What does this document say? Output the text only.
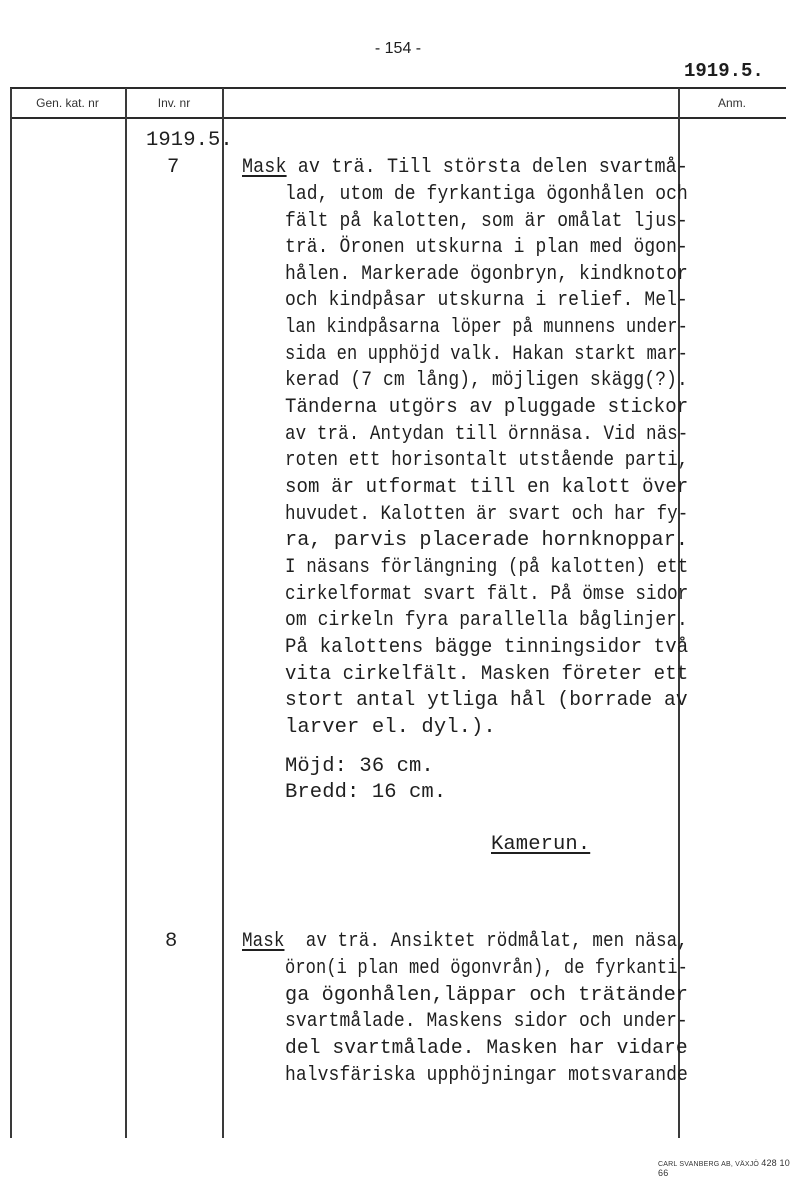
- 154 -
1919.5.
Gen. kat. nr	Inv. nr	Anm.
1919.5.
7	Mask av trä. Till största delen svartmå-
lad, utom de fyrkantiga ögonhålen och
fält på kalotten, som är omålat ljus-
trä. Öronen utskurna i plan med ögon-
hålen. Markerade ögonbryn, kindknotor
och kindpåsar utskurna i relief. Mel-
lan kindpåsarna löper på munnens under-
sida en upphöjd valk. Hakan starkt mar-
kerad (7 cm lång), möjligen skägg(?).
Tänderna utgörs av pluggade stickor
av trä. Antydan till örnnäsa. Vid näs-
roten ett horisontalt utstående parti,
som är utformat till en kalott över
huvudet. Kalotten är svart och har fy-
ra, parvis placerade hornknoppar.
I näsans förlängning (på kalotten) ett
cirkelformat svart fält. På ömse sidor
om cirkeln fyra parallella båglinjer.
På kalottens bägge tinningsidor två
vita cirkelfält. Masken företer ett
stort antal ytliga hål (borrade av
larver el. dyl.).
Möjd: 36 cm.
Bredd: 16 cm.
Kamerun.
8	Mask  av trä. Ansiktet rödmålat, men näsa,
öron(i plan med ögonvrån), de fyrkanti-
ga ögonhålen,läppar och trätänder
svartmålade. Maskens sidor och under-
del svartmålade. Masken har vidare
halvsfäriska upphöjningar motsvarande
CARL SVANBERG AB, VÄXJÖ 428 10 66
